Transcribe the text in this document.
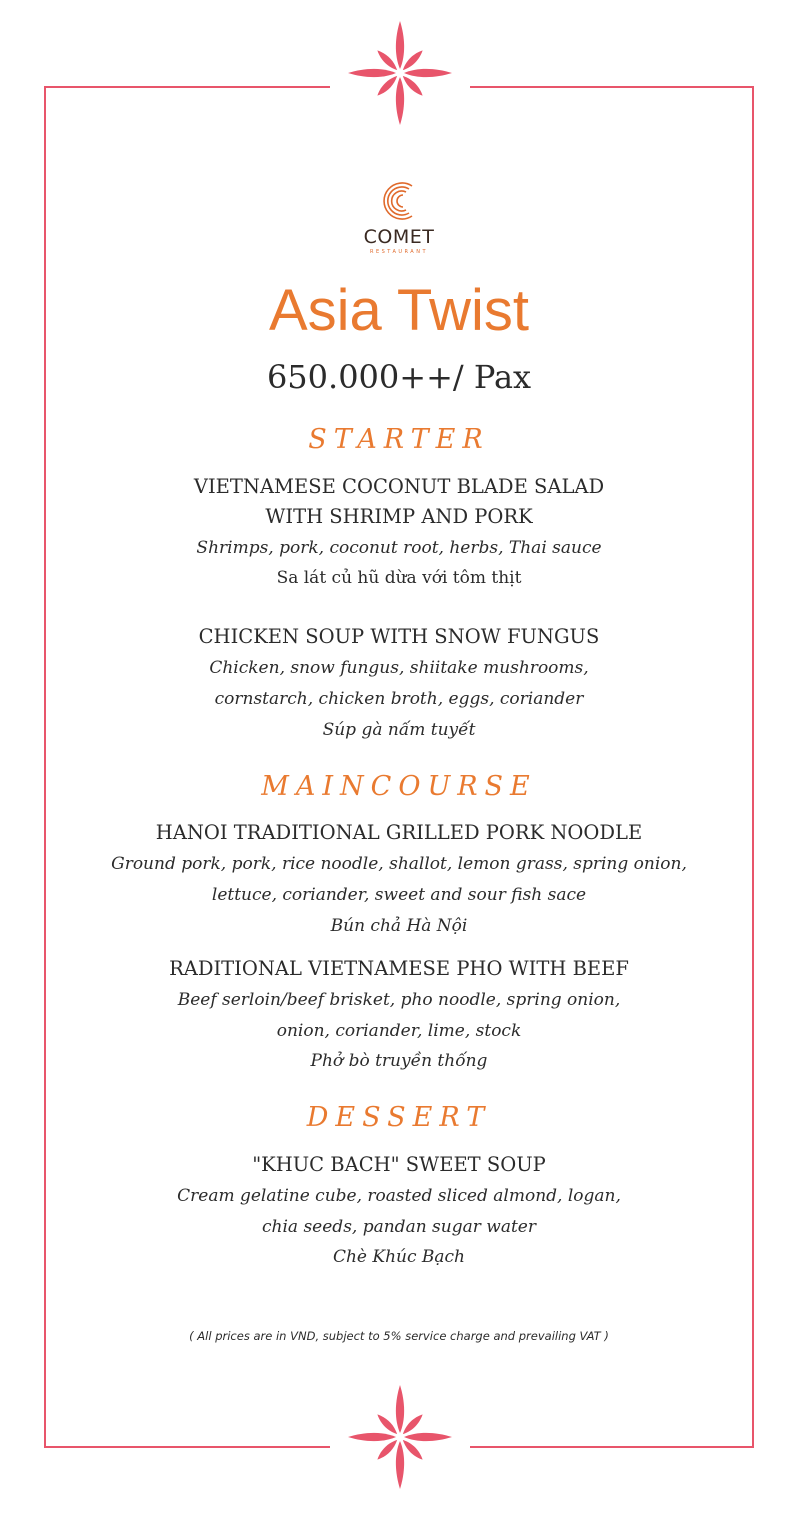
COMET
RESTAURANT
Asia Twist
650.000++/ Pax
STARTER
VIETNAMESE COCONUT BLADE SALAD
WITH SHRIMP AND PORK
Shrimps, pork, coconut root, herbs, Thai sauce
Sa lát củ hũ dừa với tôm thịt
CHICKEN SOUP WITH SNOW FUNGUS
Chicken, snow fungus, shiitake mushrooms,
cornstarch, chicken broth, eggs, coriander
Súp gà nấm tuyết
MAINCOURSE
HANOI TRADITIONAL GRILLED PORK NOODLE
Ground pork, pork, rice noodle, shallot, lemon grass, spring onion,
lettuce, coriander, sweet and sour fish sace
Bún chả Hà Nội
RADITIONAL VIETNAMESE PHO WITH BEEF
Beef serloin/beef brisket, pho noodle, spring onion,
onion, coriander, lime, stock
Phở bò truyền thống
DESSERT
"KHUC BACH" SWEET SOUP
Cream gelatine cube, roasted sliced almond, logan,
chia seeds, pandan sugar water
Chè Khúc Bạch
( All prices are in VND, subject to 5% service charge and prevailing VAT )
